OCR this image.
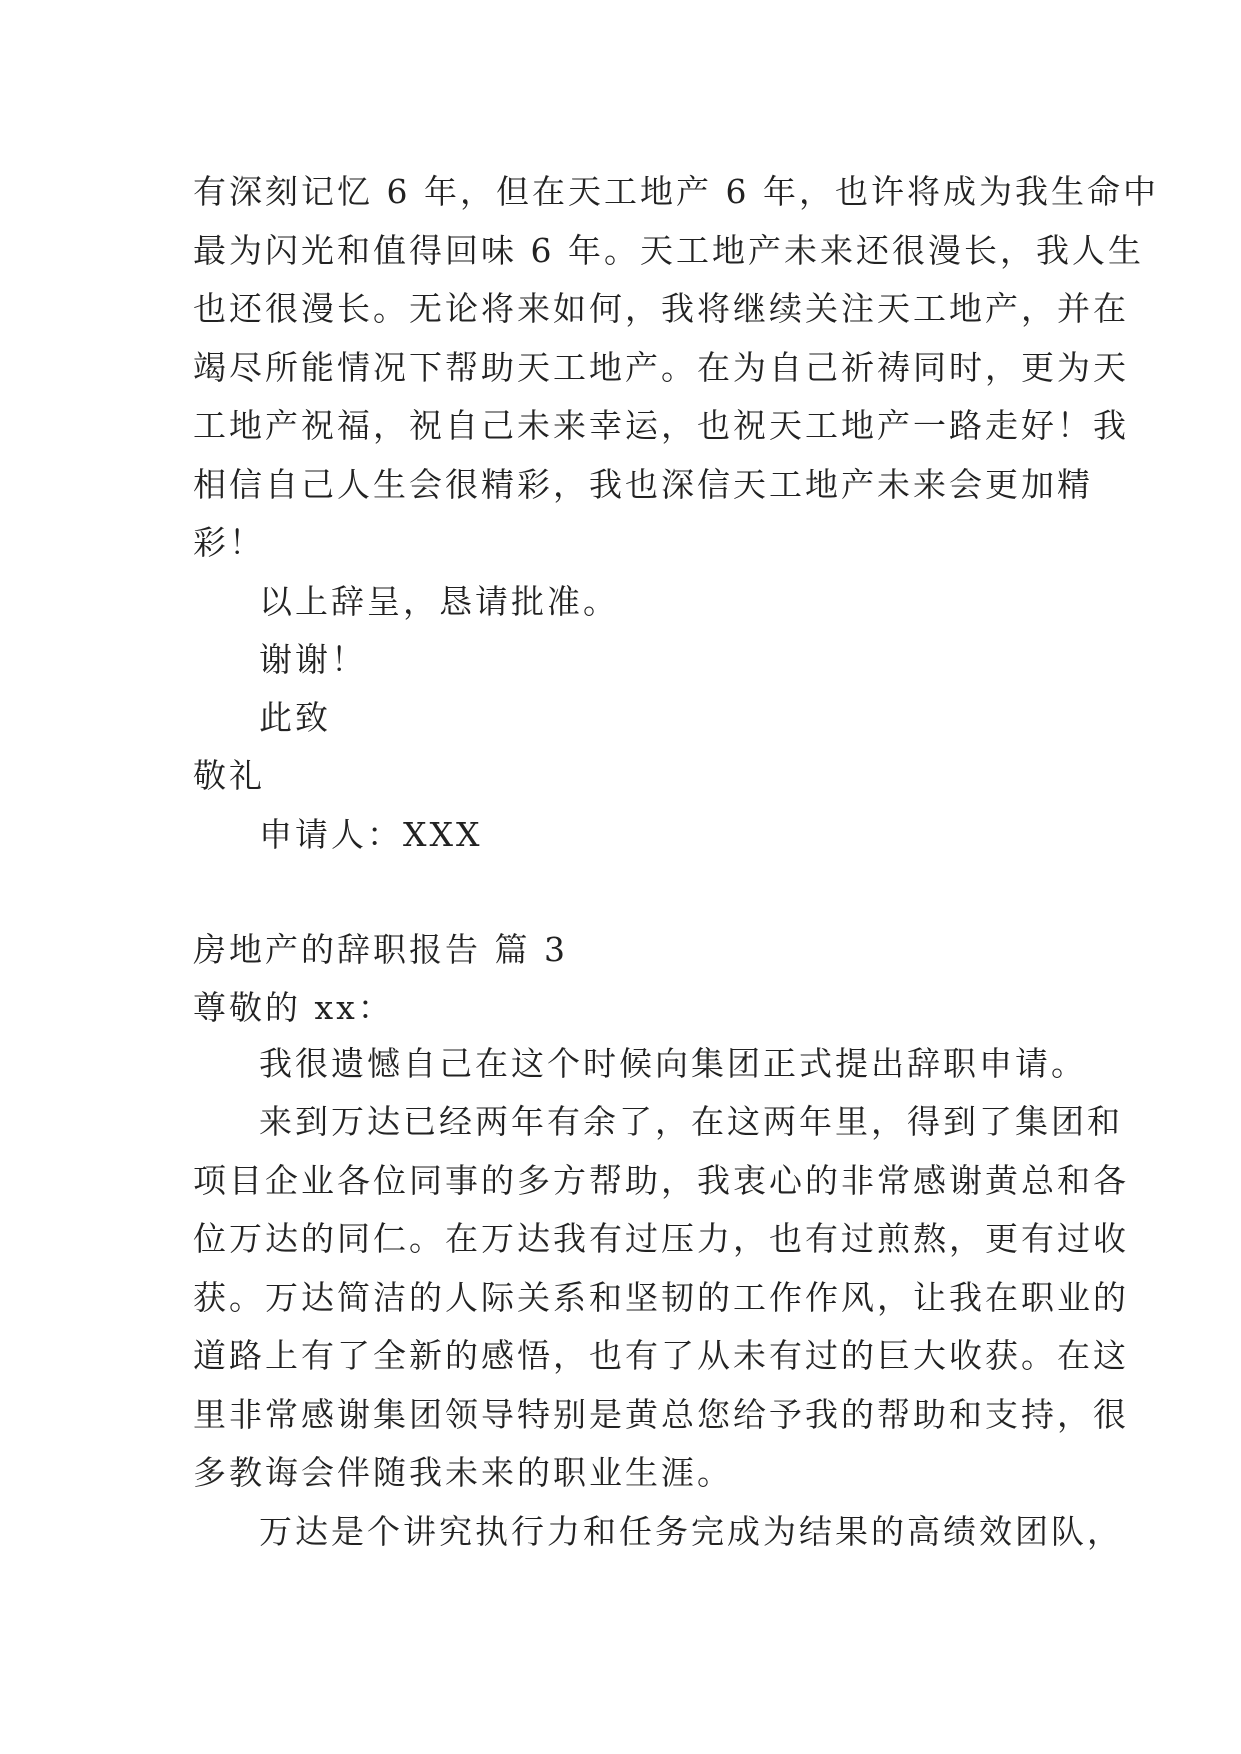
有深刻记忆 6 年，但在天工地产 6 年，也许将成为我生命中
最为闪光和值得回味 6 年。天工地产未来还很漫长，我人生
也还很漫长。无论将来如何，我将继续关注天工地产，并在
竭尽所能情况下帮助天工地产。在为自己祈祷同时，更为天
工地产祝福，祝自己未来幸运，也祝天工地产一路走好！我
相信自己人生会很精彩，我也深信天工地产未来会更加精
彩！
以上辞呈，恳请批准。
谢谢！
此致
敬礼
申请人：XXX
房地产的辞职报告 篇 3
尊敬的 xx：
我很遗憾自己在这个时候向集团正式提出辞职申请。
来到万达已经两年有余了，在这两年里，得到了集团和
项目企业各位同事的多方帮助，我衷心的非常感谢黄总和各
位万达的同仁。在万达我有过压力，也有过煎熬，更有过收
获。万达简洁的人际关系和坚韧的工作作风，让我在职业的
道路上有了全新的感悟，也有了从未有过的巨大收获。在这
里非常感谢集团领导特别是黄总您给予我的帮助和支持，很
多教诲会伴随我未来的职业生涯。
万达是个讲究执行力和任务完成为结果的高绩效团队，
